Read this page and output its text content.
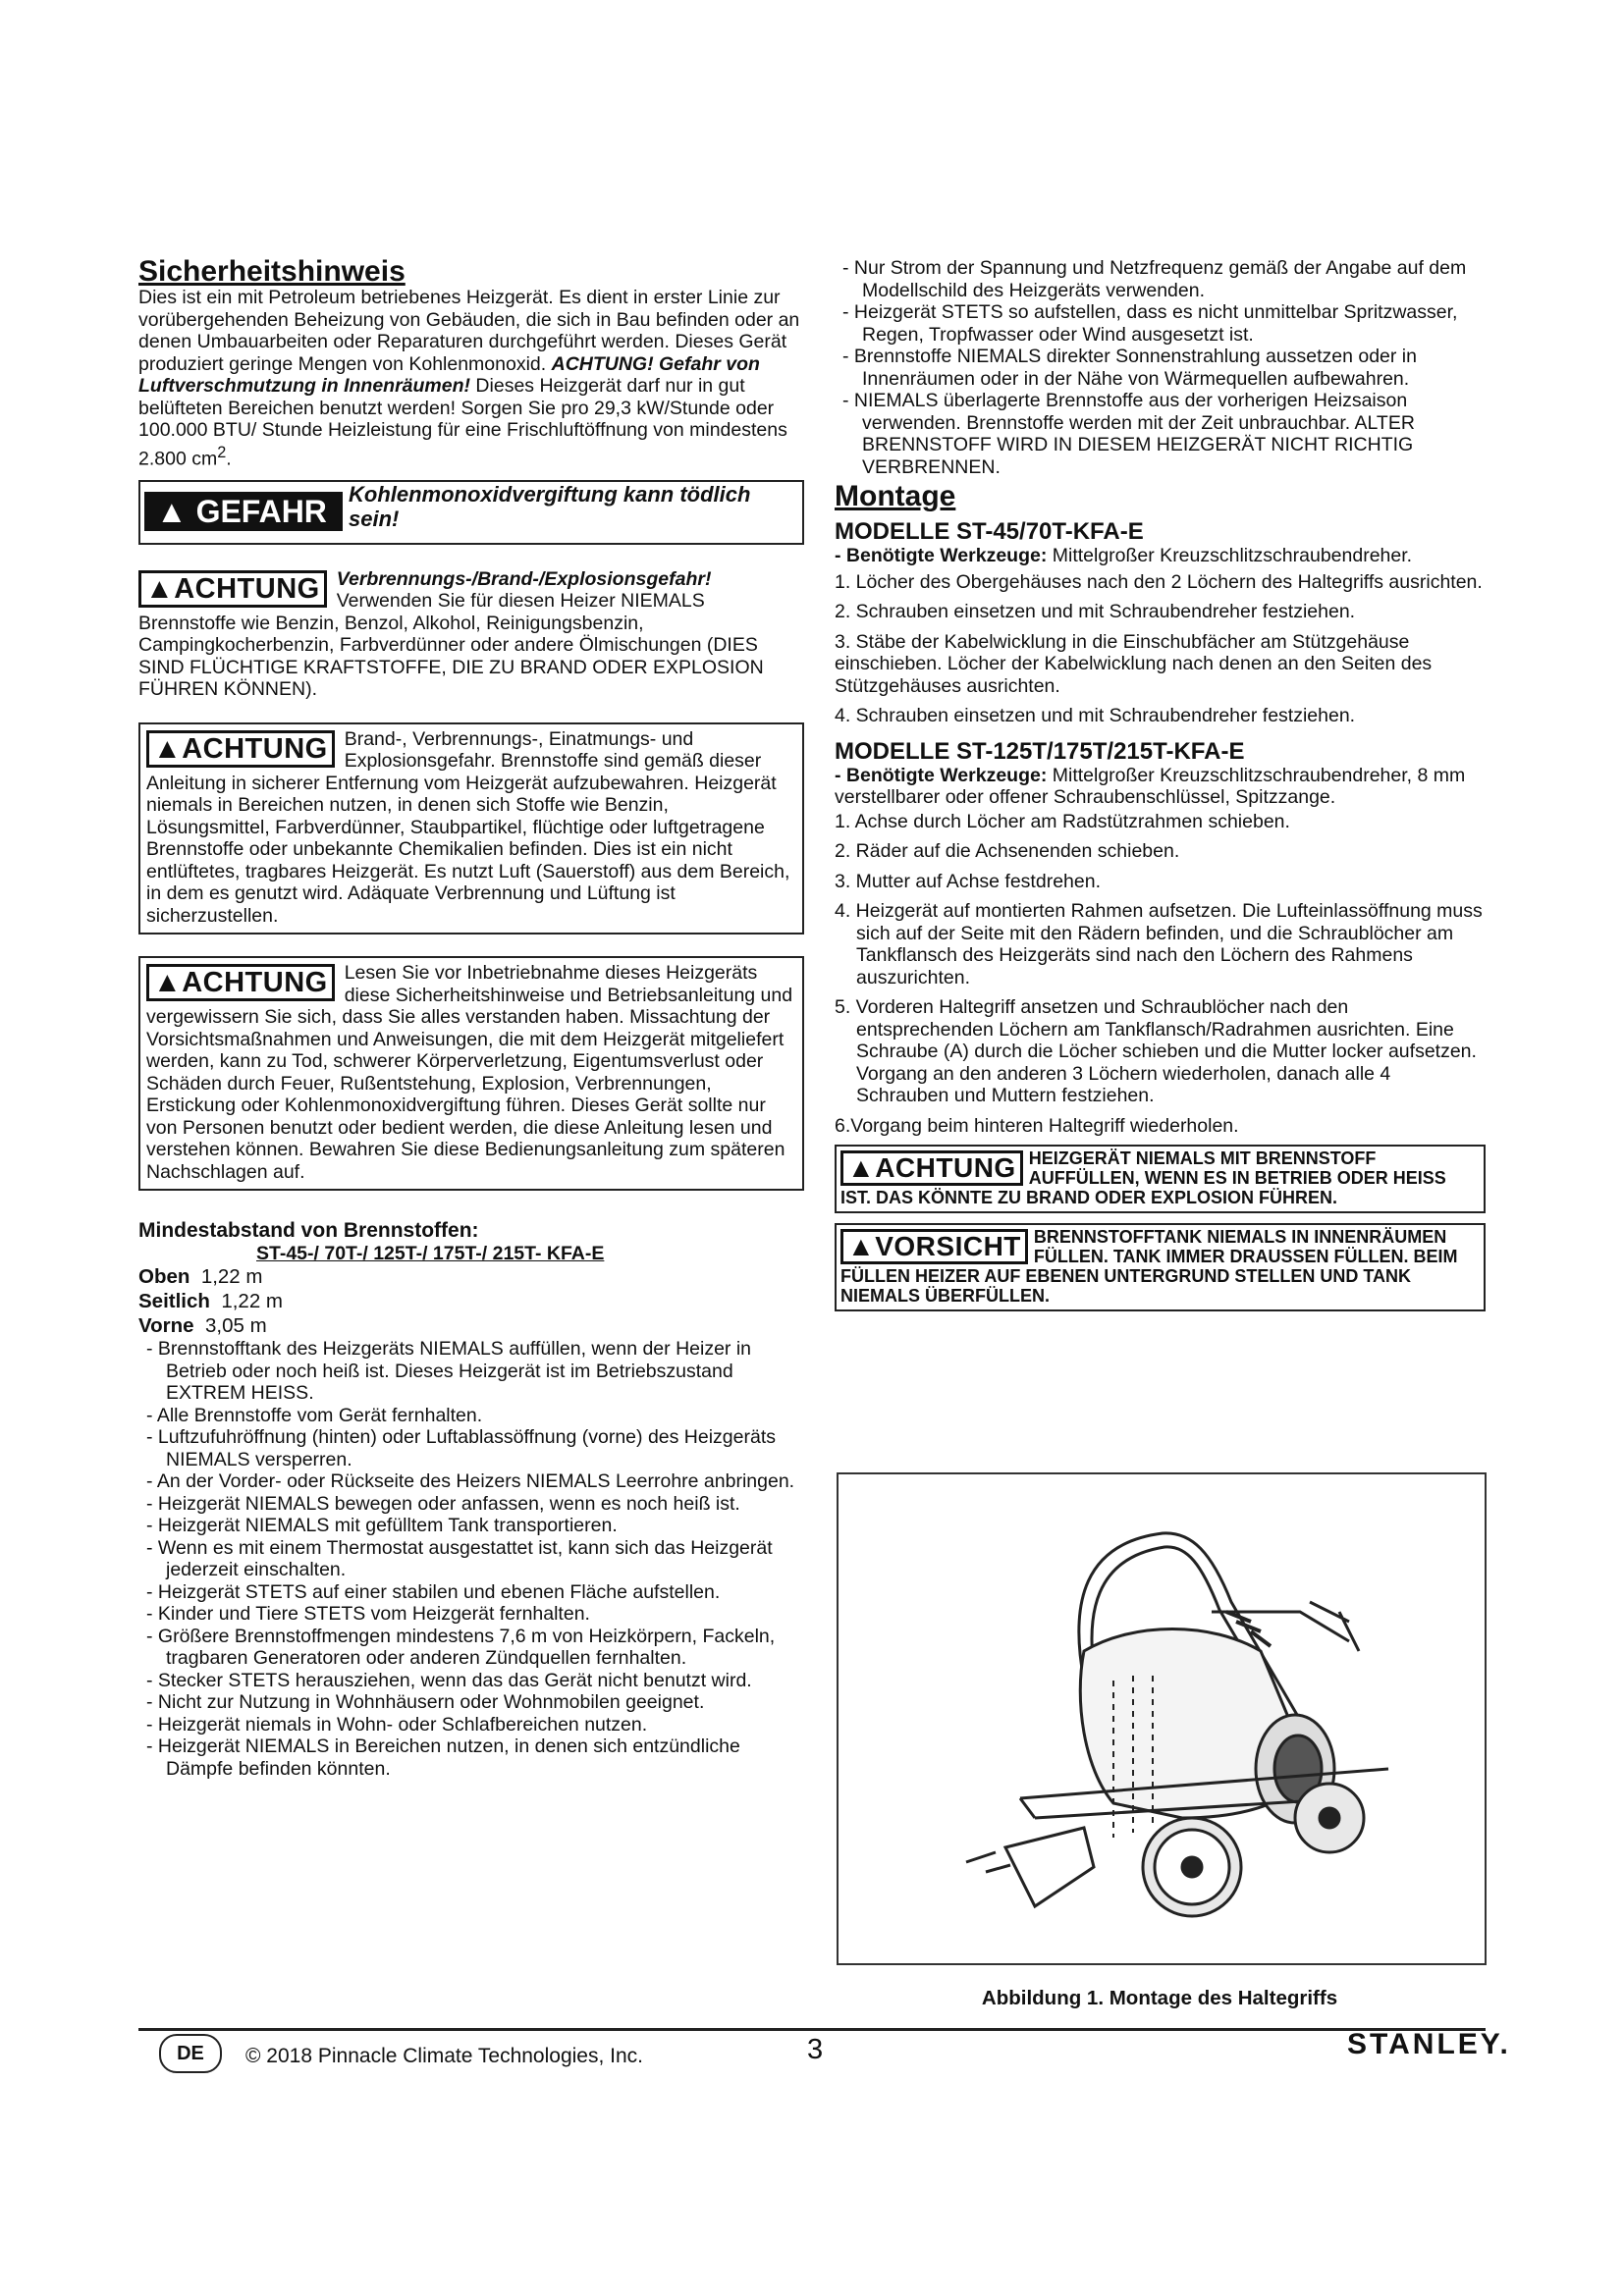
Sicherheitshinweis

Dies ist ein mit Petroleum betriebenes Heizgerät. Es dient in erster Linie zur vorübergehenden Beheizung von Gebäuden, die sich in Bau befinden oder an denen Umbauarbeiten oder Reparaturen durchgeführt werden. Dieses Gerät produziert geringe Mengen von Kohlenmonoxid. ACHTUNG! Gefahr von Luftverschmutzung in Innenräumen! Dieses Heizgerät darf nur in gut belüfteten Bereichen benutzt werden! Sorgen Sie pro 29,3 kW/Stunde oder 100.000 BTU/ Stunde Heizleistung für eine Frischluftöffnung von mindestens 2.800 $cm^2$.

▲ GEFAHR	Kohlenmonoxidvergiftung kann tödlich sein!
▲ACHTUNG Verbrennungs-/Brand-/Explosionsgefahr! Verwenden Sie für diesen Heizer NIEMALS Brennstoffe wie Benzin, Benzol, Alkohol, Reinigungsbenzin, Campingkocherbenzin, Farbverdünner oder andere Ölmischungen (DIES SIND FLÜCHTIGE KRAFTSTOFFE, DIE ZU BRAND ODER EXPLOSION FÜHREN KÖNNEN).
▲ACHTUNG Brand-, Verbrennungs-, Einatmungs- und Explosionsgefahr. Brennstoffe sind gemäß dieser Anleitung in sicherer Entfernung vom Heizgerät aufzubewahren. Heizgerät niemals in Bereichen nutzen, in denen sich Stoffe wie Benzin, Lösungsmittel, Farbverdünner, Staubpartikel, flüchtige oder luftgetragene Brennstoffe oder unbekannte Chemikalien befinden. Dies ist ein nicht entlüftetes, tragbares Heizgerät. Es nutzt Luft (Sauerstoff) aus dem Bereich, in dem es genutzt wird. Adäquate Verbrennung und Lüftung ist sicherzustellen.
▲ACHTUNG Lesen Sie vor Inbetriebnahme dieses Heizgeräts diese Sicherheitshinweise und Betriebsanleitung und vergewissern Sie sich, dass Sie alles verstanden haben. Missachtung der Vorsichtsmaßnahmen und Anweisungen, die mit dem Heizgerät mitgeliefert werden, kann zu Tod, schwerer Körperverletzung, Eigentumsverlust oder Schäden durch Feuer, Rußentstehung, Explosion, Verbrennungen, Erstickung oder Kohlenmonoxidvergiftung führen. Dieses Gerät sollte nur von Personen benutzt oder bedient werden, die diese Anleitung lesen und verstehen können. Bewahren Sie diese Bedienungsanleitung zum späteren Nachschlagen auf.
Mindestabstand von Brennstoffen:
ST-45-/ 70T-/ 125T-/ 175T-/ 215T- KFA-E
Oben 1,22 m
Seitlich 1,22 m
Vorne 3,05 m
- Brennstofftank des Heizgeräts NIEMALS auffüllen, wenn der Heizer in Betrieb oder noch heiß ist. Dieses Heizgerät ist im Betriebszustand EXTREM HEISS.
- Alle Brennstoffe vom Gerät fernhalten.
- Luftzufuhröffnung (hinten) oder Luftablassöffnung (vorne) des Heizgeräts NIEMALS versperren.
- An der Vorder- oder Rückseite des Heizers NIEMALS Leerrohre anbringen.
- Heizgerät NIEMALS bewegen oder anfassen, wenn es noch heiß ist.
- Heizgerät NIEMALS mit gefülltem Tank transportieren.
- Wenn es mit einem Thermostat ausgestattet ist, kann sich das Heizgerät jederzeit einschalten.
- Heizgerät STETS auf einer stabilen und ebenen Fläche aufstellen.
- Kinder und Tiere STETS vom Heizgerät fernhalten.
- Größere Brennstoffmengen mindestens 7,6 m von Heizkörpern, Fackeln, tragbaren Generatoren oder anderen Zündquellen fernhalten.
- Stecker STETS herausziehen, wenn das das Gerät nicht benutzt wird.
- Nicht zur Nutzung in Wohnhäusern oder Wohnmobilen geeignet.
- Heizgerät niemals in Wohn- oder Schlafbereichen nutzen.
- Heizgerät NIEMALS in Bereichen nutzen, in denen sich entzündliche Dämpfe befinden könnten.
- Nur Strom der Spannung und Netzfrequenz gemäß der Angabe auf dem Modellschild des Heizgeräts verwenden.
- Heizgerät STETS so aufstellen, dass es nicht unmittelbar Spritzwasser, Regen, Tropfwasser oder Wind ausgesetzt ist.
- Brennstoffe NIEMALS direkter Sonnenstrahlung aussetzen oder in Innenräumen oder in der Nähe von Wärmequellen aufbewahren.
- NIEMALS überlagerte Brennstoffe aus der vorherigen Heizsaison verwenden. Brennstoffe werden mit der Zeit unbrauchbar. ALTER BRENNSTOFF WIRD IN DIESEM HEIZGERÄT NICHT RICHTIG VERBRENNEN.
Montage
MODELLE ST-45/70T-KFA-E

- Benötigte Werkzeuge: Mittelgroßer Kreuzschlitzschraubendreher.

1. Löcher des Obergehäuses nach den 2 Löchern des Haltegriffs ausrichten.
2. Schrauben einsetzen und mit Schraubendreher festziehen.
3. Stäbe der Kabelwicklung in die Einschubfächer am Stützgehäuse einschieben. Löcher der Kabelwicklung nach denen an den Seiten des Stützgehäuses ausrichten.
4. Schrauben einsetzen und mit Schraubendreher festziehen.
MODELLE ST-125T/175T/215T-KFA-E

- Benötigte Werkzeuge: Mittelgroßer Kreuzschlitzschraubendreher, 8 mm verstellbarer oder offener Schraubenschlüssel, Spitzzange.

1. Achse durch Löcher am Radstützrahmen schieben.
2. Räder auf die Achsenenden schieben.
3. Mutter auf Achse festdrehen.
4. Heizgerät auf montierten Rahmen aufsetzen. Die Lufteinlassöffnung muss sich auf der Seite mit den Rädern befinden, und die Schraublöcher am Tankflansch des Heizgeräts sind nach den Löchern des Rahmens auszurichten.
5. Vorderen Haltegriff ansetzen und Schraublöcher nach den entsprechenden Löchern am Tankflansch/Radrahmen ausrichten. Eine Schraube (A) durch die Löcher schieben und die Mutter locker aufsetzen. Vorgang an den anderen 3 Löchern wiederholen, danach alle 4 Schrauben und Muttern festziehen.
6.Vorgang beim hinteren Haltegriff wiederholen.
▲ACHTUNG HEIZGERÄT NIEMALS MIT BRENNSTOFF AUFFÜLLEN, WENN ES IN BETRIEB ODER HEISS IST. DAS KÖNNTE ZU BRAND ODER EXPLOSION FÜHREN.
▲VORSICHT BRENNSTOFFTANK NIEMALS IN INNENRÄUMEN FÜLLEN. TANK IMMER DRAUSSEN FÜLLEN. BEIM FÜLLEN HEIZER AUF EBENEN UNTERGRUND STELLEN UND TANK NIEMALS ÜBERFÜLLEN.
Abbildung 1. Montage des Haltegriffs
DE	© 2018 Pinnacle Climate Technologies, Inc.	3	STANLEY.
